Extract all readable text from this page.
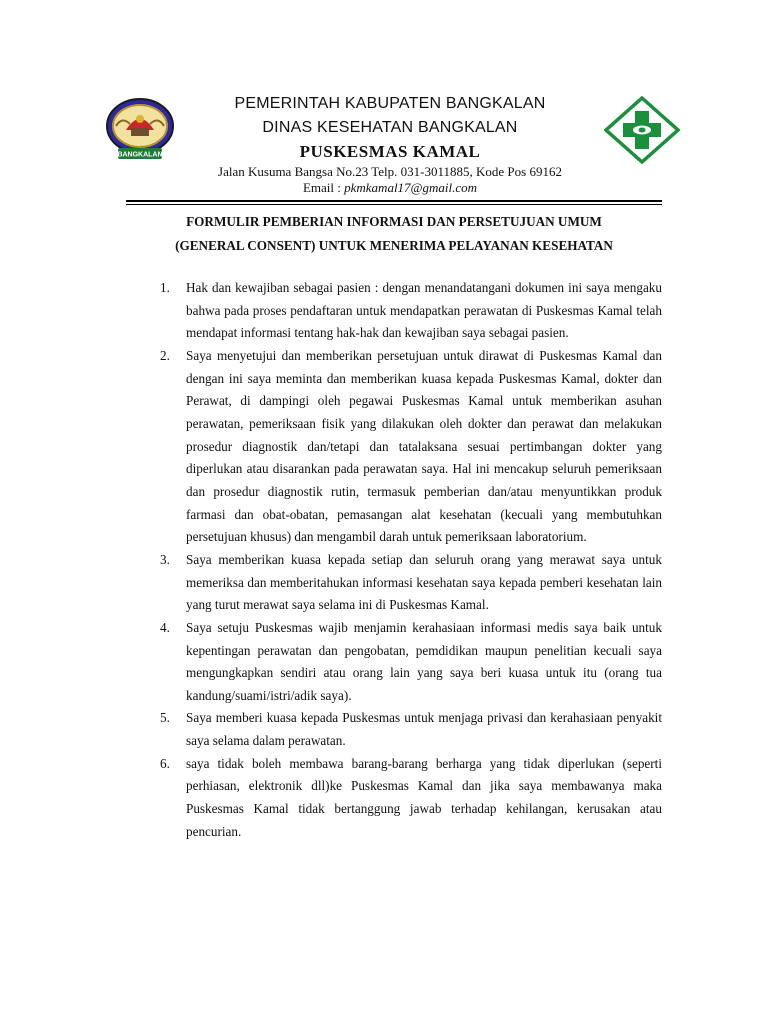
BANGKALAN
PEMERINTAH KABUPATEN BANGKALAN
DINAS KESEHATAN BANGKALAN
PUSKESMAS KAMAL
Jalan Kusuma Bangsa No.23 Telp. 031-3011885, Kode Pos 69162
Email : pkmkamal17@gmail.com
FORMULIR PEMBERIAN INFORMASI DAN PERSETUJUAN UMUM
(GENERAL CONSENT) UNTUK MENERIMA PELAYANAN KESEHATAN
1. Hak dan kewajiban sebagai pasien : dengan menandatangani dokumen ini saya mengaku bahwa pada proses pendaftaran untuk mendapatkan perawatan di Puskesmas Kamal telah mendapat informasi tentang hak-hak dan kewajiban saya sebagai pasien.
2. Saya menyetujui dan memberikan persetujuan untuk dirawat di Puskesmas Kamal dan dengan ini saya meminta dan memberikan kuasa kepada Puskesmas Kamal, dokter dan Perawat, di dampingi oleh pegawai Puskesmas Kamal untuk memberikan asuhan perawatan, pemeriksaan fisik yang dilakukan oleh dokter dan perawat dan melakukan prosedur diagnostik dan/tetapi dan tatalaksana sesuai pertimbangan dokter yang diperlukan atau disarankan pada perawatan saya. Hal ini mencakup seluruh pemeriksaan dan prosedur diagnostik rutin, termasuk pemberian dan/atau menyuntikkan produk farmasi dan obat-obatan, pemasangan alat kesehatan (kecuali yang membutuhkan persetujuan khusus) dan mengambil darah untuk pemeriksaan laboratorium.
3. Saya memberikan kuasa kepada setiap dan seluruh orang yang merawat saya untuk memeriksa dan memberitahukan informasi kesehatan saya kepada pemberi kesehatan lain yang turut merawat saya selama ini di Puskesmas Kamal.
4. Saya setuju Puskesmas wajib menjamin kerahasiaan informasi medis saya baik untuk kepentingan perawatan dan pengobatan, pemdidikan maupun penelitian kecuali saya mengungkapkan sendiri atau orang lain yang saya beri kuasa untuk itu (orang tua kandung/suami/istri/adik saya).
5. Saya memberi kuasa kepada Puskesmas untuk menjaga privasi dan kerahasiaan penyakit saya selama dalam perawatan.
6. saya tidak boleh membawa barang-barang berharga yang tidak diperlukan (seperti perhiasan, elektronik dll)ke Puskesmas Kamal dan jika saya membawanya maka Puskesmas Kamal tidak bertanggung jawab terhadap kehilangan, kerusakan atau pencurian.
